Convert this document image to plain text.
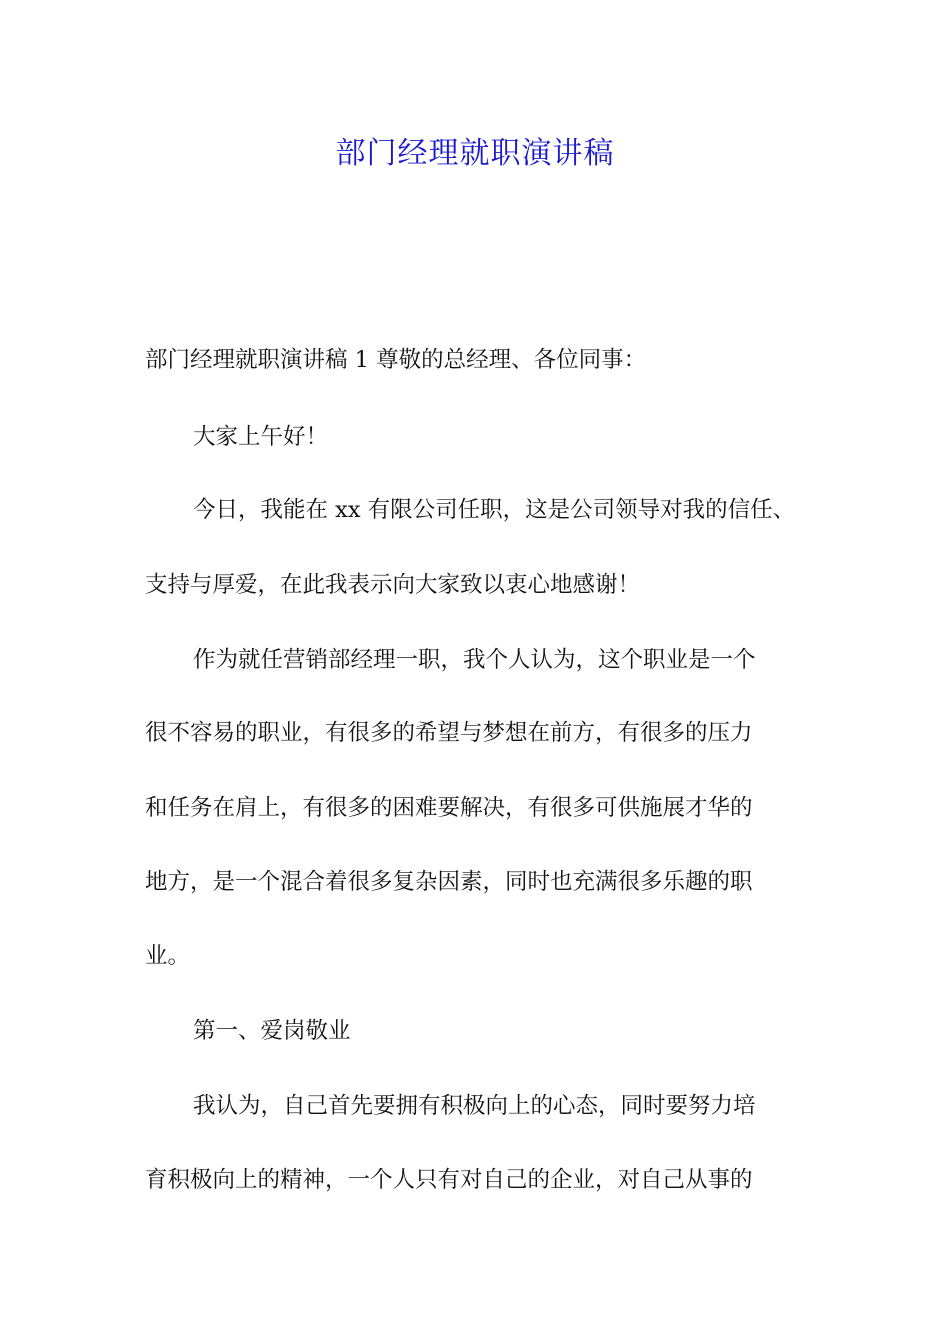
部门经理就职演讲稿
部门经理就职演讲稿 1 尊敬的总经理、各位同事：
大家上午好！
今日，我能在 xx 有限公司任职，这是公司领导对我的信任、
支持与厚爱，在此我表示向大家致以衷心地感谢！
作为就任营销部经理一职，我个人认为，这个职业是一个
很不容易的职业，有很多的希望与梦想在前方，有很多的压力
和任务在肩上，有很多的困难要解决，有很多可供施展才华的
地方，是一个混合着很多复杂因素，同时也充满很多乐趣的职
业。
第一、爱岗敬业
我认为，自己首先要拥有积极向上的心态，同时要努力培
育积极向上的精神，一个人只有对自己的企业，对自己从事的
